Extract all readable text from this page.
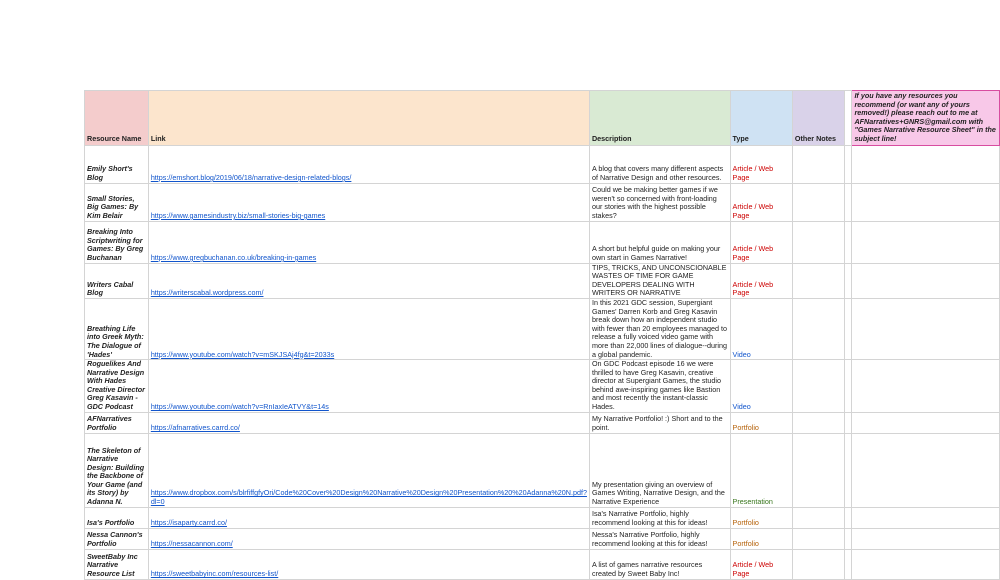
Resource Name	Link	Description	Type	Other Notes		If you have any resources you recommend (or want any of yours removed!) please reach out to me at AFNarratives+GNRS@gmail.com with "Games Narrative Resource Sheet" in the subject line!
Emily Short's Blog	https://emshort.blog/2019/06/18/narrative-design-related-blogs/	A blog that covers many different aspects of Narrative Design and other resources.	Article / Web Page			
Small Stories, Big Games: By Kim Belair	https://www.gamesindustry.biz/small-stories-big-games	Could we be making better games if we weren't so concerned with front-loading our stories with the highest possible stakes?	Article / Web Page			
Breaking Into Scriptwriting for Games: By Greg Buchanan	https://www.gregbuchanan.co.uk/breaking-in-games	A short but helpful guide on making your own start in Games Narrative!	Article / Web Page			
Writers Cabal Blog	https://writerscabal.wordpress.com/	TIPS, TRICKS, AND UNCONSCIONABLE WASTES OF TIME FOR GAME DEVELOPERS DEALING WITH WRITERS OR NARRATIVE	Article / Web Page			
Breathing Life into Greek Myth: The Dialogue of 'Hades'	https://www.youtube.com/watch?v=mSKJSAj4fg&t=2033s	In this 2021 GDC session, Supergiant Games' Darren Korb and Greg Kasavin break down how an independent studio with fewer than 20 employees managed to release a fully voiced video game with more than 22,000 lines of dialogue--during a global pandemic.	Video			
Roguelikes And Narrative Design With Hades Creative Director Greg Kasavin - GDC Podcast	https://www.youtube.com/watch?v=RnIaxIeATVY&t=14s	On GDC Podcast episode 16 we were thrilled to have Greg Kasavin, creative director at Supergiant Games, the studio behind awe-inspiring games like Bastion and most recently the instant-classic Hades.	Video			
AFNarratives Portfolio	https://afnarratives.carrd.co/	My Narrative Portfolio! :) Short and to the point.	Portfolio			
The Skeleton of Narrative Design: Building the Backbone of Your Game (and its Story) by Adanna N.	https://www.dropbox.com/s/blrfiffgfyOri/Code%20Cover%20Design%20Narrative%20Design%20Presentation%20%20Adanna%20N.pdf?dl=0	My presentation giving an overview of Games Writing, Narrative Design, and the Narrative Experience	Presentation			
Isa's Portfolio	https://isaparty.carrd.co/	Isa's Narrative Portfolio, highly recommend looking at this for ideas!	Portfolio			
Nessa Cannon's Portfolio	https://nessacannon.com/	Nessa's Narrative Portfolio, highly recommend looking at this for ideas!	Portfolio			
SweetBaby Inc Narrative Resource List	https://sweetbabyinc.com/resources-list/	A list of games narrative resources created by Sweet Baby Inc!	Article / Web Page			
